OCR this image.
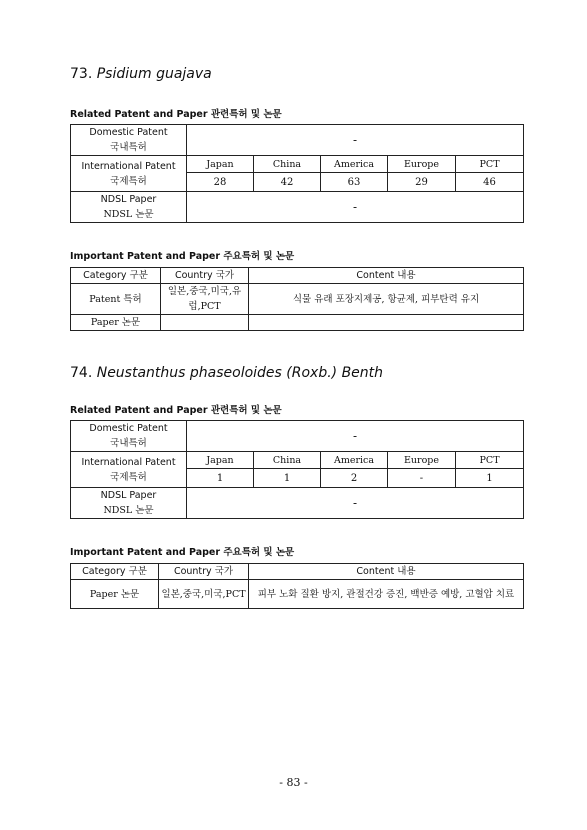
73. Psidium guajava
Related Patent and Paper 관련특허 및 논문
Domestic Patent
국내특허	-				

International Patent
국제특허	Japan	China	America	Europe	PCT
	28	42	63	29	46

NDSL Paper
NDSL 논문	-				
Important Patent and Paper 주요특허 및 논문
Category 구분	Country 국가	Content 내용
Patent 특허	일본,중국,미국,유럽,PCT	식물 유래 포장지제공, 항균제, 피부탄력 유지
Paper 논문		
74. Neustanthus phaseoloides (Roxb.) Benth
Related Patent and Paper 관련특허 및 논문
Domestic Patent
국내특허	-				

International Patent
국제특허	Japan	China	America	Europe	PCT
	1	1	2	-	1

NDSL Paper
NDSL 논문	-				
Important Patent and Paper 주요특허 및 논문
Category 구분	Country 국가	Content 내용
Paper 논문	일본,중국,미국,PCT	피부 노화 질환 방지, 관절건강 증진, 백반증 예방, 고혈압 치료
- 83 -
